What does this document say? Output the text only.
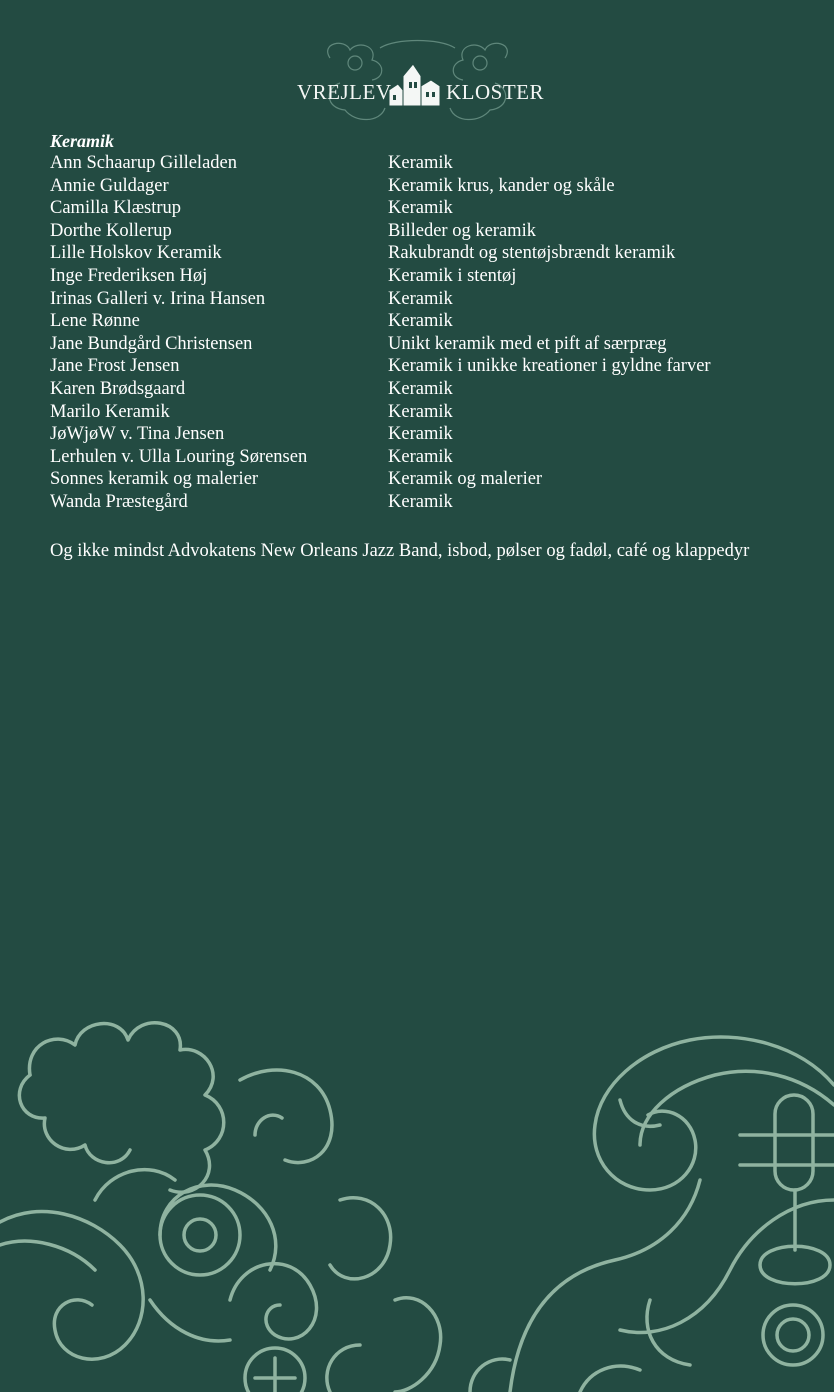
VREJLEV	KLOSTER
Keramik
Ann Schaarup Gilleladen	Keramik
Annie Guldager	Keramik krus, kander og skåle
Camilla Klæstrup	Keramik
Dorthe Kollerup	Billeder og keramik
Lille Holskov Keramik	Rakubrandt og stentøjsbrændt keramik
Inge Frederiksen Høj	Keramik i stentøj
Irinas Galleri v. Irina Hansen	Keramik
Lene Rønne	Keramik
Jane Bundgård Christensen	Unikt keramik med et pift af særpræg
Jane Frost Jensen	Keramik i unikke kreationer i gyldne farver
Karen Brødsgaard	Keramik
Marilo Keramik	Keramik
JøWjøW v. Tina Jensen	Keramik
Lerhulen v. Ulla Louring Sørensen	Keramik
Sonnes keramik og malerier	Keramik og malerier
Wanda Præstegård	Keramik
Og ikke mindst Advokatens New Orleans Jazz Band, isbod, pølser og fadøl, café og klappedyr
